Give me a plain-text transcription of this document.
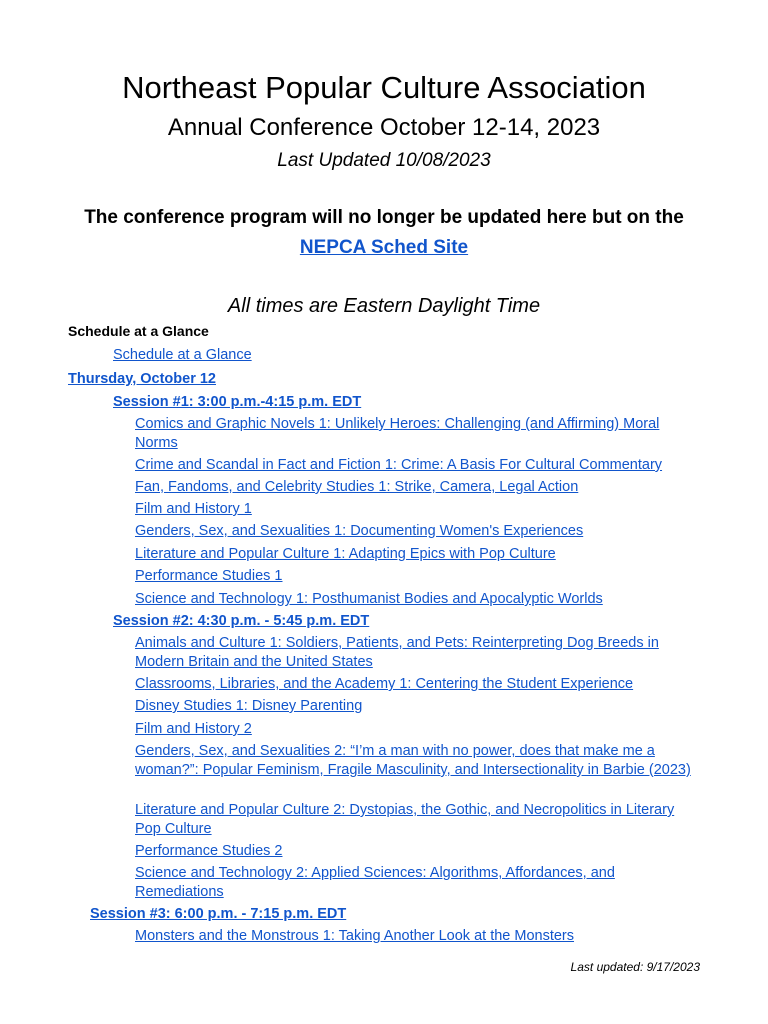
Northeast Popular Culture Association
Annual Conference October 12-14, 2023
Last Updated 10/08/2023
The conference program will no longer be updated here but on the
NEPCA Sched Site
All times are Eastern Daylight Time
Schedule at a Glance
Schedule at a Glance
Thursday, October 12
Session #1: 3:00 p.m.-4:15 p.m. EDT
Comics and Graphic Novels 1: Unlikely Heroes: Challenging (and Affirming) Moral Norms
Crime and Scandal in Fact and Fiction 1: Crime: A Basis For Cultural Commentary
Fan, Fandoms, and Celebrity Studies 1: Strike, Camera, Legal Action
Film and History 1
Genders, Sex, and Sexualities 1: Documenting Women's Experiences
Literature and Popular Culture 1: Adapting Epics with Pop Culture
Performance Studies 1
Science and Technology 1: Posthumanist Bodies and Apocalyptic Worlds
Session #2: 4:30 p.m. - 5:45 p.m. EDT
Animals and Culture 1: Soldiers, Patients, and Pets: Reinterpreting Dog Breeds in Modern Britain and the United States
Classrooms, Libraries, and the Academy 1: Centering the Student Experience
Disney Studies 1: Disney Parenting
Film and History 2
Genders, Sex, and Sexualities 2: “I’m a man with no power, does that make me a woman?”: Popular Feminism, Fragile Masculinity, and Intersectionality in Barbie (2023)
Literature and Popular Culture 2: Dystopias, the Gothic, and Necropolitics in Literary Pop Culture
Performance Studies 2
Science and Technology 2: Applied Sciences: Algorithms, Affordances, and Remediations
Session #3: 6:00 p.m. - 7:15 p.m. EDT
Monsters and the Monstrous 1: Taking Another Look at the Monsters
Last updated: 9/17/2023
